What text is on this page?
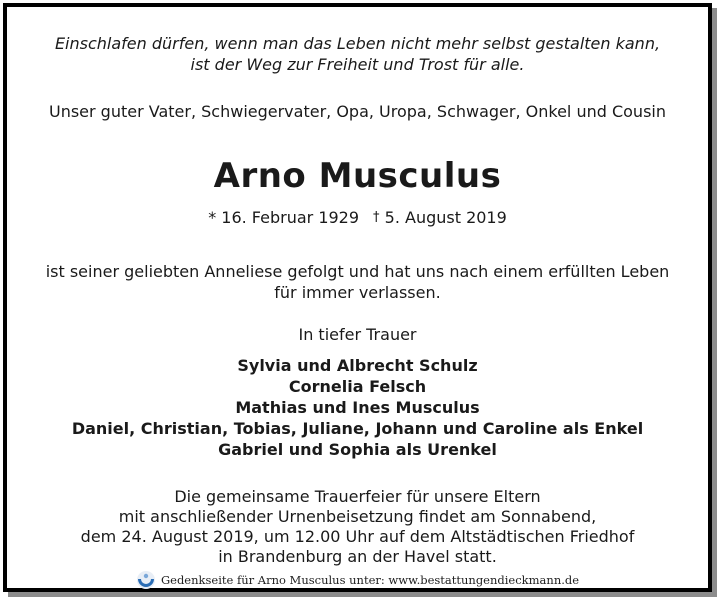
Einschlafen dürfen, wenn man das Leben nicht mehr selbst gestalten kann,
ist der Weg zur Freiheit und Trost für alle.
Unser guter Vater, Schwiegervater, Opa, Uropa, Schwager, Onkel und Cousin
Arno Musculus
* 16. Februar 1929 † 5. August 2019
ist seiner geliebten Anneliese gefolgt und hat uns nach einem erfüllten Leben
für immer verlassen.
In tiefer Trauer
Sylvia und Albrecht Schulz
Cornelia Felsch
Mathias und Ines Musculus
Daniel, Christian, Tobias, Juliane, Johann und Caroline als Enkel
Gabriel und Sophia als Urenkel
Die gemeinsame Trauerfeier für unsere Eltern
mit anschließender Urnenbeisetzung findet am Sonnabend,
dem 24. August 2019, um 12.00 Uhr auf dem Altstädtischen Friedhof
in Brandenburg an der Havel statt.
Gedenkseite für Arno Musculus unter: www.bestattungendieckmann.de
